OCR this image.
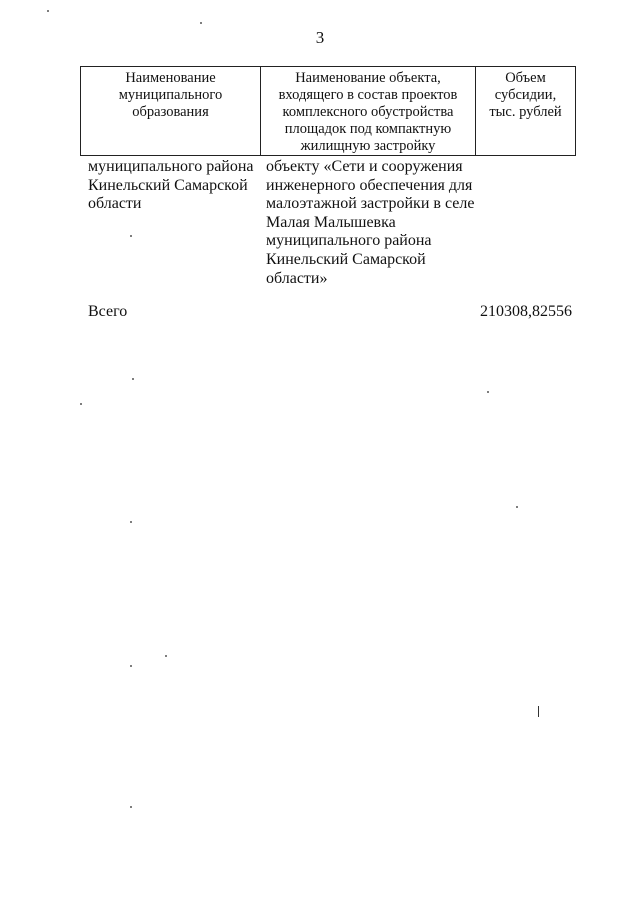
3
Наименование
муниципального
образования
Наименование объекта,
входящего в состав проектов
комплексного обустройства
площадок под компактную
жилищную застройку
Объем
субсидии,
тыс. рублей
муниципального района
Кинельский Самарской
области
объекту «Сети и сооружения
инженерного обеспечения для
малоэтажной застройки в селе
Малая Малышевка
муниципального района
Кинельский Самарской
области»
Всего	210308,82556
